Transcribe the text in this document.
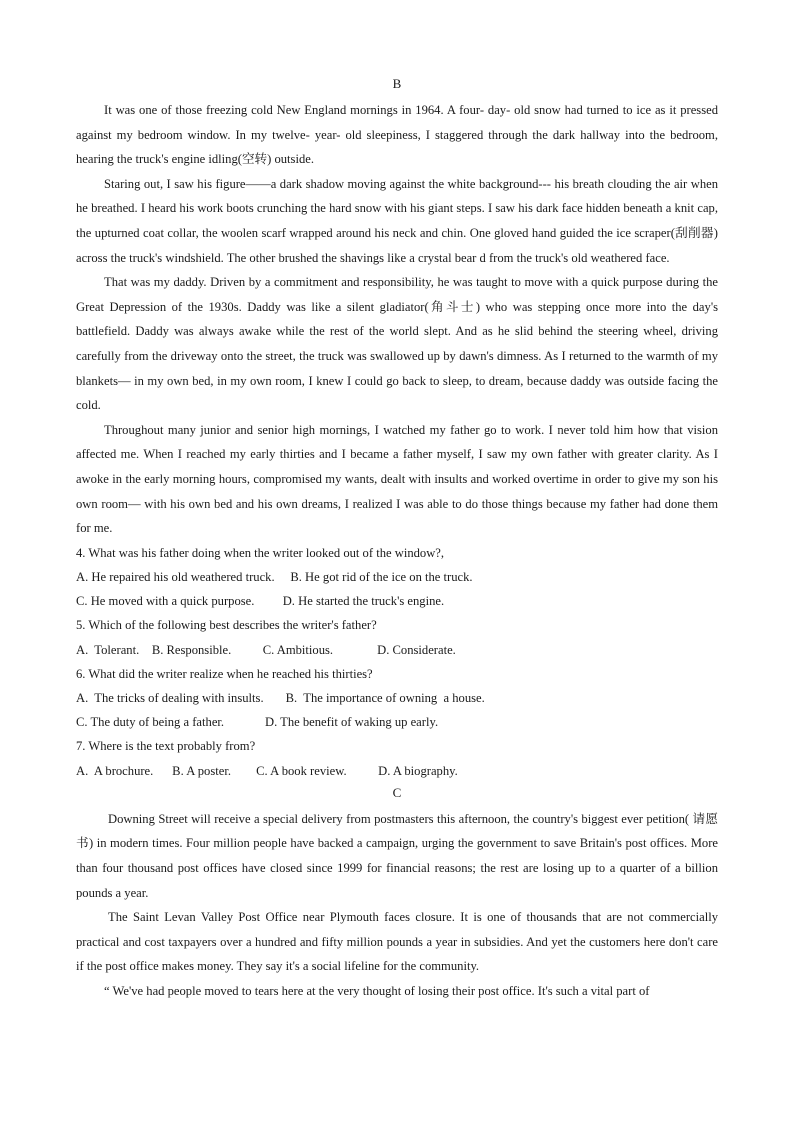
B

It was one of those freezing cold New England mornings in 1964. A four- day- old snow had turned to ice as it pressed against my bedroom window. In my twelve- year- old sleepiness, I staggered through the dark hallway into the bedroom, hearing the truck's engine idling(空转) outside.

Staring out, I saw his figure——a dark shadow moving against the white background--- his breath clouding the air when he breathed. I heard his work boots crunching the hard snow with his giant steps. I saw his dark face hidden beneath a knit cap, the upturned coat collar, the woolen scarf wrapped around his neck and chin. One gloved hand guided the ice scraper(刮削器) across the truck's windshield. The other brushed the shavings like a crystal bear d from the truck's old weathered face.

That was my daddy. Driven by a commitment and responsibility, he was taught to move with a quick purpose during the Great Depression of the 1930s. Daddy was like a silent gladiator(角斗士) who was stepping once more into the day's battlefield. Daddy was always awake while the rest of the world slept. And as he slid behind the steering wheel, driving carefully from the driveway onto the street, the truck was swallowed up by dawn's dimness. As I returned to the warmth of my blankets— in my own bed, in my own room, I knew I could go back to sleep, to dream, because daddy was outside facing the cold.

Throughout many junior and senior high mornings, I watched my father go to work. I never told him how that vision affected me. When I reached my early thirties and I became a father myself, I saw my own father with greater clarity. As I awoke in the early morning hours, compromised my wants, dealt with insults and worked overtime in order to give my son his own room— with his own bed and his own dreams, I realized I was able to do those things because my father had done them for me.

4. What was his father doing when the writer looked out of the window?,

A. He repaired his old weathered truck.     B. He got rid of the ice on the truck.

C. He moved with a quick purpose.         D. He started the truck's engine.

5. Which of the following best describes the writer's father?

A.  Tolerant.    B. Responsible.          C. Ambitious.              D. Considerate.

6. What did the writer realize when he reached his thirties?

A.  The tricks of dealing with insults.       B.  The importance of owning  a house.

C. The duty of being a father.             D. The benefit of waking up early.

7. Where is the text probably from?

A.  A brochure.      B. A poster.        C. A book review.          D. A biography.

C

Downing Street will receive a special delivery from postmasters this afternoon, the country's biggest ever petition( 请愿书) in modern times. Four million people have backed a campaign, urging the government to save Britain's post offices. More than four thousand post offices have closed since 1999 for financial reasons; the rest are losing up to a quarter of a billion pounds a year.

The Saint Levan Valley Post Office near Plymouth faces closure. It is one of thousands that are not commercially practical and cost taxpayers over a hundred and fifty million pounds a year in subsidies. And yet the customers here don't care if the post office makes money. They say it's a social lifeline for the community.

“ We've had people moved to tears here at the very thought of losing their post office. It's such a vital part of
